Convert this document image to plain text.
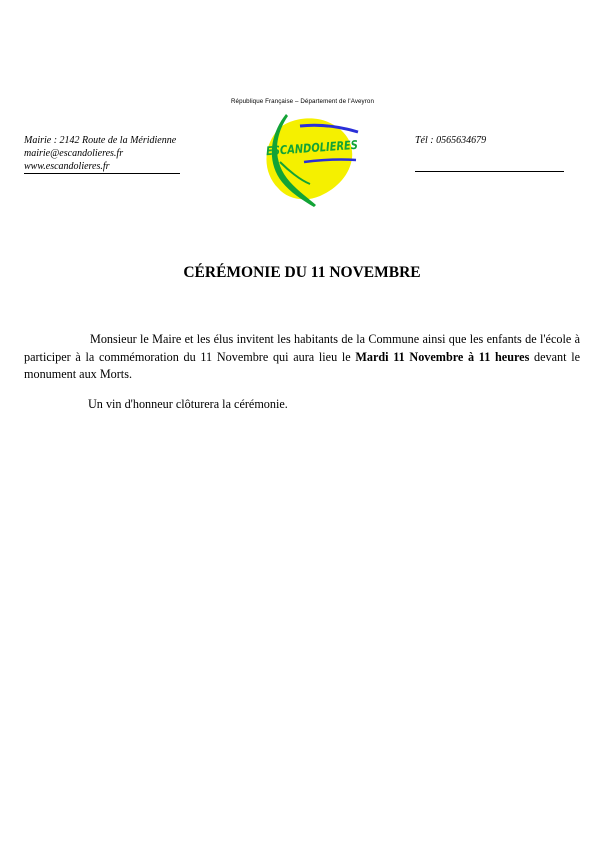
République Française – Département de l'Aveyron
Mairie : 2142 Route de la Méridienne
mairie@escandolieres.fr
www.escandolieres.fr
Tél : 0565634679
ESCANDOLIERES
CÉRÉMONIE DU 11 NOVEMBRE

Monsieur le Maire et les élus invitent les habitants de la Commune ainsi que les enfants de l'école à participer à la commémoration du 11 Novembre qui aura lieu le Mardi 11 Novembre à 11 heures devant le monument aux Morts.

Un vin d'honneur clôturera la cérémonie.
